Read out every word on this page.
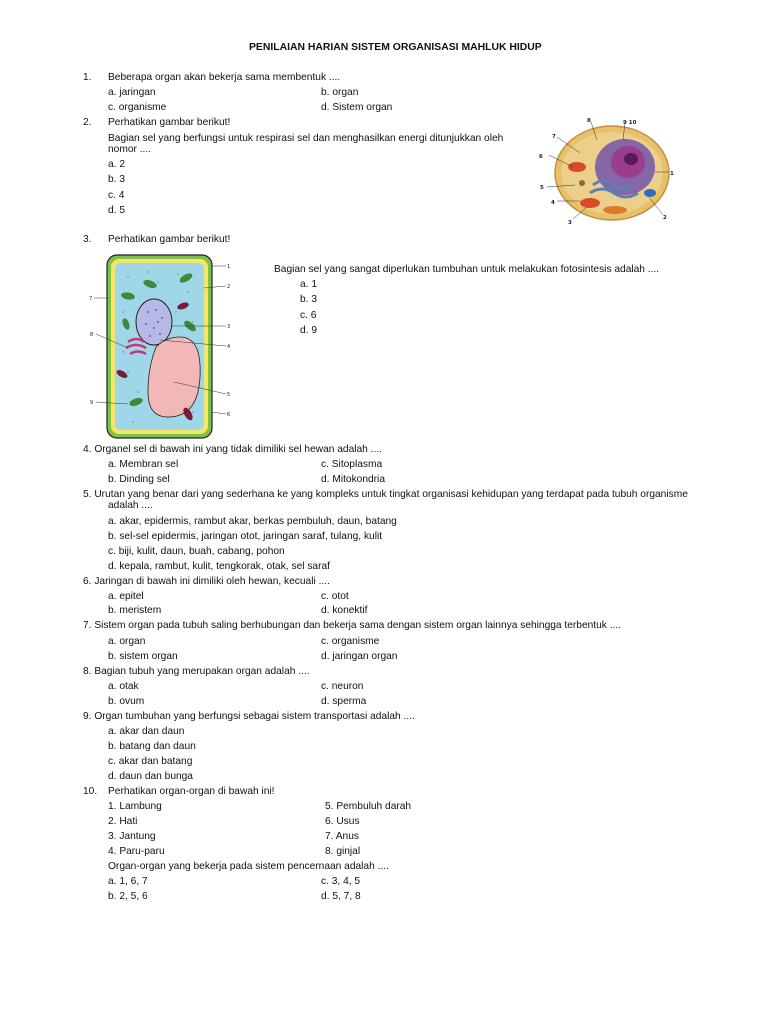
PENILAIAN HARIAN SISTEM ORGANISASI MAHLUK HIDUP
1. Beberapa organ akan bekerja sama membentuk ....
a. jaringan	b. organ
c. organisme	d. Sistem organ
2. Perhatikan gambar berikut!
Bagian sel yang berfungsi untuk respirasi sel dan menghasilkan energi ditunjukkan oleh
nomor ....
a. 2
b. 3
c. 4
d. 5
7
8	9 10
6
1
5
4
3
2
3. Perhatikan gambar berikut!
1
2
3
4
5
6
7
8
9
Bagian sel yang sangat diperlukan tumbuhan untuk melakukan fotosintesis adalah ....
a. 1
b. 3
c. 6
d. 9
4. Organel sel di bawah ini yang tidak dimiliki sel hewan adalah ....
a. Membran sel	c. Sitoplasma
b. Dinding sel	d. Mitokondria
5. Urutan yang benar dari yang sederhana ke yang kompleks untuk tingkat organisasi kehidupan yang terdapat pada tubuh organisme
adalah ....
a. akar, epidermis, rambut akar, berkas pembuluh, daun, batang
b. sel-sel epidermis, jaringan otot, jaringan saraf, tulang, kulit
c. biji, kulit, daun, buah, cabang, pohon
d. kepala, rambut, kulit, tengkorak, otak, sel saraf
6. Jaringan di bawah ini dimiliki oleh hewan, kecuali ....
a. epitel	c. otot
b. meristem	d. konektif
7. Sistem organ pada tubuh saling berhubungan dan bekerja sama dengan sistem organ lainnya sehingga terbentuk ....
a. organ	c. organisme
b. sistem organ	d. jaringan organ
8. Bagian tubuh yang merupakan organ adalah ....
a. otak	c. neuron
b. ovum	d. sperma
9. Organ tumbuhan yang berfungsi sebagai sistem transportasi adalah ....
a. akar dan daun
b. batang dan daun
c. akar dan batang
d. daun dan bunga
10. Perhatikan organ-organ di bawah ini!
1. Lambung
2. Hati
3. Jantung
4. Paru-paru
5. Pembuluh darah
6. Usus
7. Anus
8. ginjal
Organ-organ yang bekerja pada sistem pencernaan adalah ....
a. 1, 6, 7	c. 3, 4, 5
b. 2, 5, 6	d. 5, 7, 8
